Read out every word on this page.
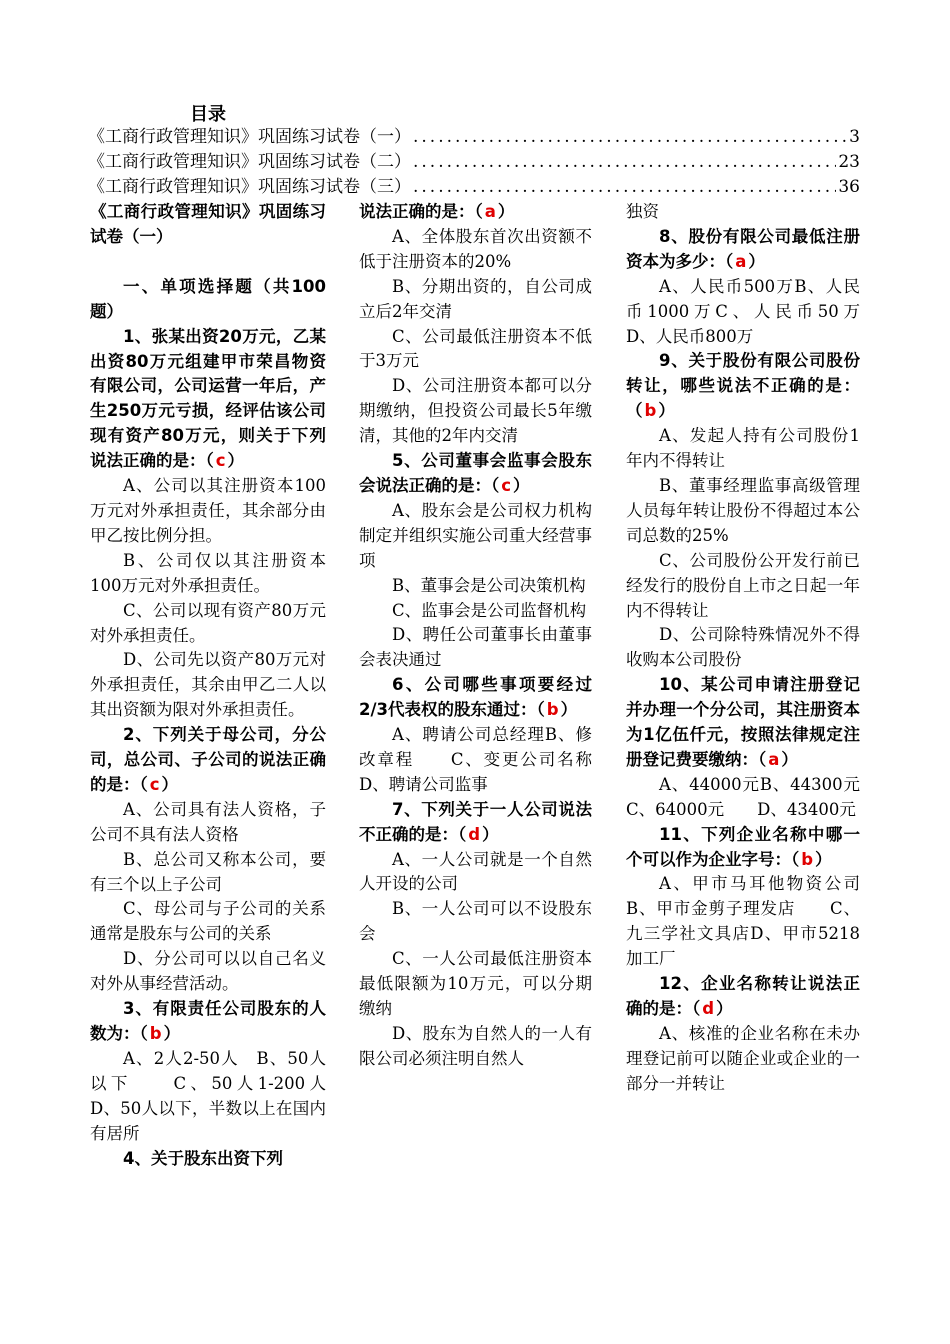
目录
《工商行政管理知识》巩固练习试卷（一） .....	3
《工商行政管理知识》巩固练习试卷（二） .....	23
《工商行政管理知识》巩固练习试卷（三） .....	36

《工商行政管理知识》巩固练习试卷（一）

一、单项选择题（共100题）

1、张某出资20万元，乙某出资80万元组建甲市荣昌物资有限公司，公司运营一年后，产生250万元亏损，经评估该公司现有资产80万元，则关于下列说法正确的是：（ c ）

A、公司以其注册资本100万元对外承担责任，其余部分由甲乙按比例分担。

B、公司仅以其注册资本100万元对外承担责任。

C、公司以现有资产80万元对外承担责任。

D、公司先以资产80万元对外承担责任，其余由甲乙二人以其出资额为限对外承担责任。

2、下列关于母公司，分公司，总公司、子公司的说法正确的是：（ c ）

A、公司具有法人资格，子公司不具有法人资格

B、总公司又称本公司，要有三个以上子公司

C、母公司与子公司的关系通常是股东与公司的关系

D、分公司可以以自己名义对外从事经营活动。

3、有限责任公司股东的人数为：（ b ）

A、2人2-50人　B、50人以下　　C、50人1-200人　　D、50人以下，半数以上在国内有居所

4、关于股东出资下列

说法正确的是：（ a ）

A、全体股东首次出资额不低于注册资本的20%

B、分期出资的，自公司成立后2年交清

C、公司最低注册资本不低于3万元

D、公司注册资本都可以分期缴纳，但投资公司最长5年缴清，其他的2年内交清

5、公司董事会监事会股东会说法正确的是：（ c ）

A、股东会是公司权力机构制定并组织实施公司重大经营事项

B、董事会是公司决策机构

C、监事会是公司监督机构

D、聘任公司董事长由董事会表决通过

6、公司哪些事项要经过2/3代表权的股东通过：（ b ）

A、聘请公司总经理B、修改章程　　C、变更公司名称　　D、聘请公司监事

7、下列关于一人公司说法不正确的是：（ d ）

A、一人公司就是一个自然人开设的公司

B、一人公司可以不设股东会

C、一人公司最低注册资本最低限额为10万元，可以分期缴纳

D、股东为自然人的一人有限公司必须注明自然人

独资

8、股份有限公司最低注册资本为多少：（ a ）

A、人民币500万B、人民币1000万C、人民币50万　D、人民币800万

9、关于股份有限公司股份转让，哪些说法不正确的是：（ b ）

A、发起人持有公司股份1年内不得转让

B、董事经理监事高级管理人员每年转让股份不得超过本公司总数的25%

C、公司股份公开发行前已经发行的股份自上市之日起一年内不得转让

D、公司除特殊情况外不得收购本公司股份

10、某公司申请注册登记并办理一个分公司，其注册资本为1亿伍仟元，按照法律规定注册登记费要缴纳：（ a ）

A、44000元B、44300元　　C、64000元　　D、43400元

11、下列企业名称中哪一个可以作为企业字号：（ b ）

A、甲市马耳他物资公司　　B、甲市金剪子理发店　　C、九三学社文具店D、甲市5218加工厂

12、企业名称转让说法正确的是：（ d ）

A、核准的企业名称在未办理登记前可以随企业或企业的一部分一并转让
